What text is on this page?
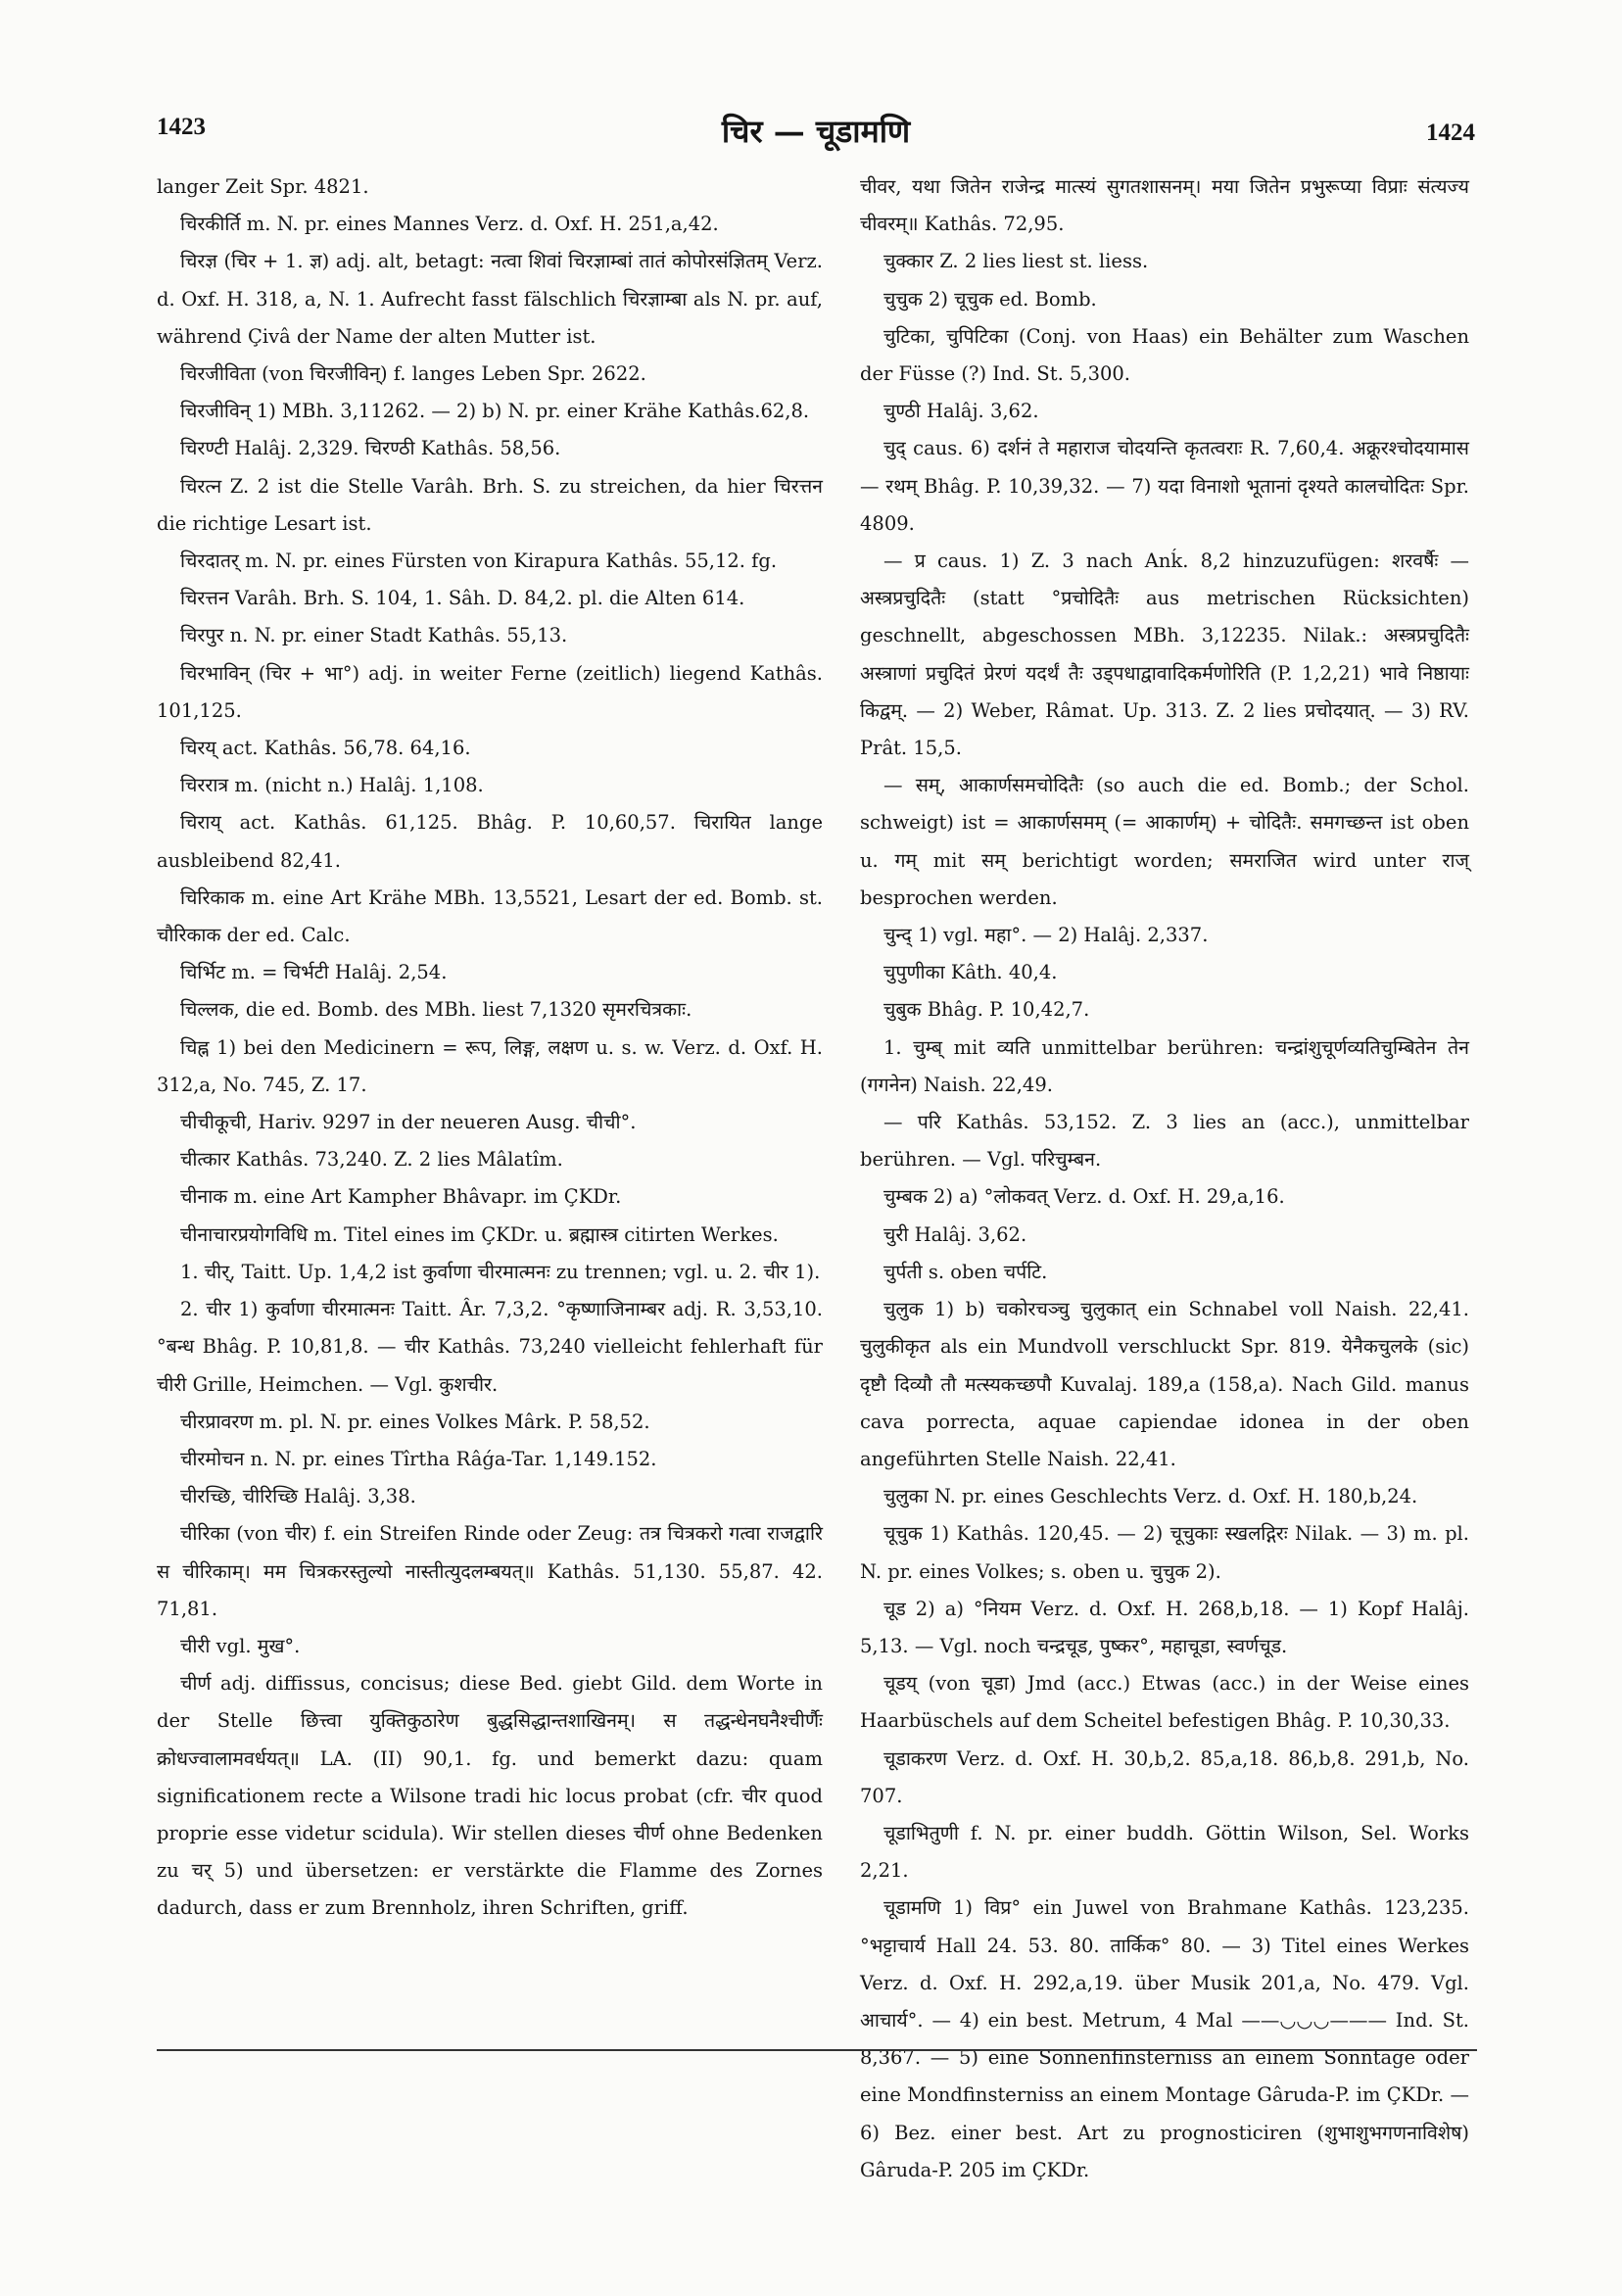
1423	चिर — चूडामणि	1424

langer Zeit Spr. 4821.

चिरकीर्ति m. N. pr. eines Mannes Verz. d. Oxf. H. 251,a,42.

चिरज्ञ (चिर + 1. ज्ञ) adj. alt, betagt: नत्वा शिवां चिरज्ञाम्बां तातं कोपोरसंज्ञितम् Verz. d. Oxf. H. 318, a, N. 1. Aufrecht fasst fälschlich चिरज्ञाम्बा als N. pr. auf, während Çivâ der Name der alten Mutter ist.

चिरजीविता (von चिरजीविन्) f. langes Leben Spr. 2622.

चिरजीविन् 1) MBh. 3,11262. — 2) b) N. pr. einer Krähe Kathâs.62,8.

चिरण्टी Halâj. 2,329. चिरण्ठी Kathâs. 58,56.

चिरत्न Z. 2 ist die Stelle Varâh. Brh. S. zu streichen, da hier चिरत्तन die richtige Lesart ist.

चिरदातर् m. N. pr. eines Fürsten von Kirapura Kathâs. 55,12. fg.

चिरत्तन Varâh. Brh. S. 104, 1. Sâh. D. 84,2. pl. die Alten 614.

चिरपुर n. N. pr. einer Stadt Kathâs. 55,13.

चिरभाविन् (चिर + भा°) adj. in weiter Ferne (zeitlich) liegend Kathâs. 101,125.

चिरय् act. Kathâs. 56,78. 64,16.

चिररात्र m. (nicht n.) Halâj. 1,108.

चिराय् act. Kathâs. 61,125. Bhâg. P. 10,60,57. चिरायित lange ausbleibend 82,41.

चिरिकाक m. eine Art Krähe MBh. 13,5521, Lesart der ed. Bomb. st. चौरिकाक der ed. Calc.

चिर्भिट m. = चिर्भटी Halâj. 2,54.

चिल्लक, die ed. Bomb. des MBh. liest 7,1320 सृमरचित्रकाः.

चिह्न 1) bei den Medicinern = रूप, लिङ्ग, लक्षण u. s. w. Verz. d. Oxf. H. 312,a, No. 745, Z. 17.

चीचीकूची, Hariv. 9297 in der neueren Ausg. चीची°.

चीत्कार Kathâs. 73,240. Z. 2 lies Mâlatîm.

चीनाक m. eine Art Kampher Bhâvapr. im ÇKDr.

चीनाचारप्रयोगविधि m. Titel eines im ÇKDr. u. ब्रह्मास्त्र citirten Werkes.

1. चीर्, Taitt. Up. 1,4,2 ist कुर्वाणा चीरमात्मनः zu trennen; vgl. u. 2. चीर 1).

2. चीर 1) कुर्वाणा चीरमात्मनः Taitt. Âr. 7,3,2. °कृष्णाजिनाम्बर adj. R. 3,53,10. °बन्ध Bhâg. P. 10,81,8. — चीर Kathâs. 73,240 vielleicht fehlerhaft für चीरी Grille, Heimchen. — Vgl. कुशचीर.

चीरप्रावरण m. pl. N. pr. eines Volkes Mârk. P. 58,52.

चीरमोचन n. N. pr. eines Tîrtha Râǵa-Tar. 1,149.152.

चीरच्छि, चीरिच्छि Halâj. 3,38.

चीरिका (von चीर) f. ein Streifen Rinde oder Zeug: तत्र चित्रकरो गत्वा राजद्वारि स चीरिकाम्। मम चित्रकरस्तुल्यो नास्तीत्युदलम्बयत्॥ Kathâs. 51,130. 55,87. 42. 71,81.

चीरी vgl. मुख°.

चीर्ण adj. diffissus, concisus; diese Bed. giebt Gild. dem Worte in der Stelle छित्त्वा युक्तिकुठारेण बुद्धसिद्धान्तशाखिनम्। स तद्धन्धेनघनैश्चीर्णैः क्रोधज्वालामवर्धयत्॥ LA. (II) 90,1. fg. und bemerkt dazu: quam significationem recte a Wilsone tradi hic locus probat (cfr. चीर quod proprie esse videtur scidula). Wir stellen dieses चीर्ण ohne Bedenken zu चर् 5) und übersetzen: er verstärkte die Flamme des Zornes dadurch, dass er zum Brennholz, ihren Schriften, griff.

चीवर, यथा जितेन राजेन्द्र मात्स्यं सुगतशासनम्। मया जितेन प्रभुरूप्या विप्राः संत्यज्य चीवरम्॥ Kathâs. 72,95.

चुक्कार Z. 2 lies liest st. liess.

चुचुक 2) चूचुक ed. Bomb.

चुटिका, चुपिटिका (Conj. von Haas) ein Behälter zum Waschen der Füsse (?) Ind. St. 5,300.

चुण्ठी Halâj. 3,62.

चुद् caus. 6) दर्शनं ते महाराज चोदयन्ति कृतत्वराः R. 7,60,4. अक्रूरश्चोदयामास — रथम् Bhâg. P. 10,39,32. — 7) यदा विनाशो भूतानां दृश्यते कालचोदितः Spr. 4809.

— प्र caus. 1) Z. 3 nach Anḱ. 8,2 hinzuzufügen: शरवर्षैः — अस्त्रप्रचुदितैः (statt °प्रचोदितैः aus metrischen Rücksichten) geschnellt, abgeschossen MBh. 3,12235. Nilak.: अस्त्रप्रचुदितैः अस्त्राणां प्रचुदितं प्रेरणं यदर्थं तैः उड्पधाद्वावादिकर्मणोरिति (P. 1,2,21) भावे निष्ठायाः किद्वम्. — 2) Weber, Râmat. Up. 313. Z. 2 lies प्रचोदयात्. — 3) RV. Prât. 15,5.

— सम्, आकार्णसमचोदितैः (so auch die ed. Bomb.; der Schol. schweigt) ist = आकार्णसमम् (= आकार्णम्) + चोदितैः. समगच्छन्त ist oben u. गम् mit सम् berichtigt worden; समराजित wird unter राज् besprochen werden.

चुन्द् 1) vgl. महा°. — 2) Halâj. 2,337.

चुपुणीका Kâth. 40,4.

चुबुक Bhâg. P. 10,42,7.

1. चुम्ब् mit व्यति unmittelbar berühren: चन्द्रांशुचूर्णव्यतिचुम्बितेन तेन (गगनेन) Naish. 22,49.

— परि Kathâs. 53,152. Z. 3 lies an (acc.), unmittelbar berühren. — Vgl. परिचुम्बन.

चुम्बक 2) a) °लोकवत् Verz. d. Oxf. H. 29,a,16.

चुरी Halâj. 3,62.

चुर्पती s. oben चर्पटि.

चुलुक 1) b) चकोरचञ्चु चुलुकात् ein Schnabel voll Naish. 22,41. चुलुकीकृत als ein Mundvoll verschluckt Spr. 819. येनैकचुलके (sic) दृष्टौ दिव्यौ तौ मत्स्यकच्छपौ Kuvalaj. 189,a (158,a). Nach Gild. manus cava porrecta, aquae capiendae idonea in der oben angeführten Stelle Naish. 22,41.

चुलुका N. pr. eines Geschlechts Verz. d. Oxf. H. 180,b,24.

चूचुक 1) Kathâs. 120,45. — 2) चूचुकाः स्खलद्गिरः Nilak. — 3) m. pl. N. pr. eines Volkes; s. oben u. चुचुक 2).

चूड 2) a) °नियम Verz. d. Oxf. H. 268,b,18. — 1) Kopf Halâj. 5,13. — Vgl. noch चन्द्रचूड, पुष्कर°, महाचूडा, स्वर्णचूड.

चूडय् (von चूडा) Jmd (acc.) Etwas (acc.) in der Weise eines Haarbüschels auf dem Scheitel befestigen Bhâg. P. 10,30,33.

चूडाकरण Verz. d. Oxf. H. 30,b,2. 85,a,18. 86,b,8. 291,b, No. 707.

चूडाभितुणी f. N. pr. einer buddh. Göttin Wilson, Sel. Works 2,21.

चूडामणि 1) विप्र° ein Juwel von Brahmane Kathâs. 123,235. °भट्टाचार्य Hall 24. 53. 80. तार्किक° 80. — 3) Titel eines Werkes Verz. d. Oxf. H. 292,a,19. über Musik 201,a, No. 479. Vgl. आचार्य°. — 4) ein best. Metrum, 4 Mal ——◡◡◡——— Ind. St. 8,367. — 5) eine Sonnenfinsterniss an einem Sonntage oder eine Mondfinsterniss an einem Montage Gâruda-P. im ÇKDr. — 6) Bez. einer best. Art zu prognosticiren (शुभाशुभगणनाविशेष) Gâruda-P. 205 im ÇKDr.
